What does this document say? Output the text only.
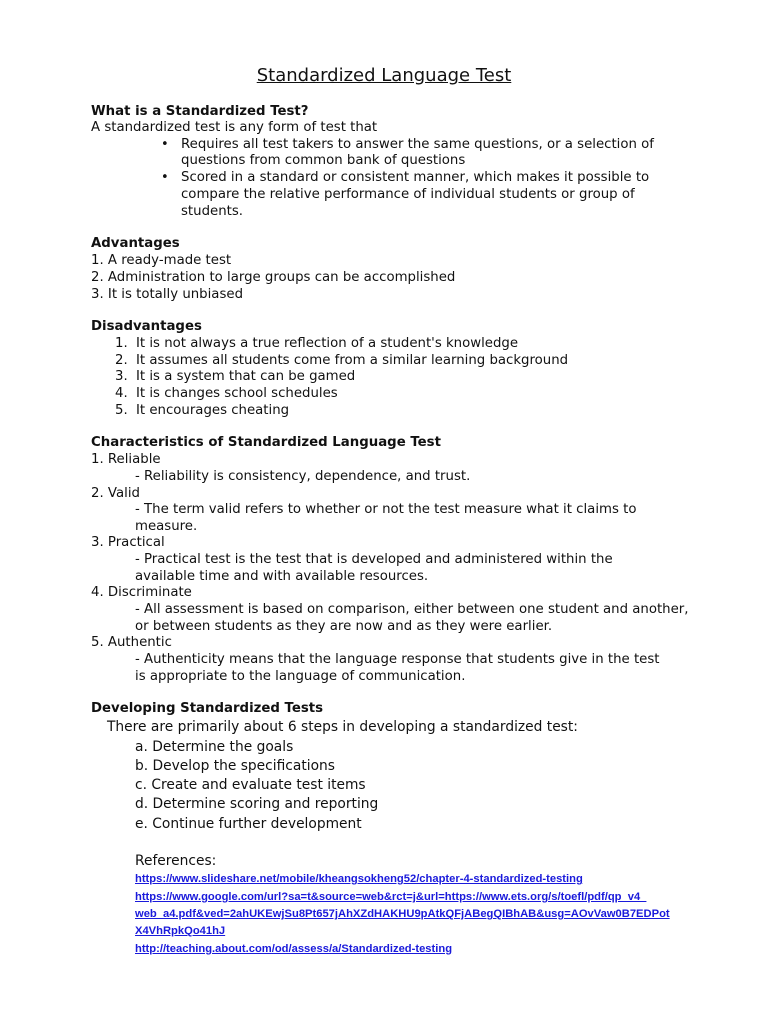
Standardized Language Test
What is a Standardized Test?
A standardized test is any form of test that
• Requires all test takers to answer the same questions, or a selection of
questions from common bank of questions
• Scored in a standard or consistent manner, which makes it possible to
compare the relative performance of individual students or group of
students.
Advantages
1. A ready-made test
2. Administration to large groups can be accomplished
3. It is totally unbiased
Disadvantages
1. It is not always a true reflection of a student's knowledge
2. It assumes all students come from a similar learning background
3. It is a system that can be gamed
4. It is changes school schedules
5. It encourages cheating
Characteristics of Standardized Language Test
1. Reliable
- Reliability is consistency, dependence, and trust.
2. Valid
- The term valid refers to whether or not the test measure what it claims to
measure.
3. Practical
- Practical test is the test that is developed and administered within the
available time and with available resources.
4. Discriminate
- All assessment is based on comparison, either between one student and another,
or between students as they are now and as they were earlier.
5. Authentic
- Authenticity means that the language response that students give in the test
is appropriate to the language of communication.
Developing Standardized Tests
There are primarily about 6 steps in developing a standardized test:
a. Determine the goals
b. Develop the specifications
c. Create and evaluate test items
d. Determine scoring and reporting
e. Continue further development
References:
https://www.slideshare.net/mobile/kheangsokheng52/chapter-4-standardized-testing
https://www.google.com/url?sa=t&source=web&rct=j&url=https://www.ets.org/s/toefl/pdf/qp_v4_
web_a4.pdf&ved=2ahUKEwjSu8Pt657jAhXZdHAKHU9pAtkQFjABegQIBhAB&usg=AOvVaw0B7EDPot
X4VhRpkQo41hJ
http://teaching.about.com/od/assess/a/Standardized-testing
